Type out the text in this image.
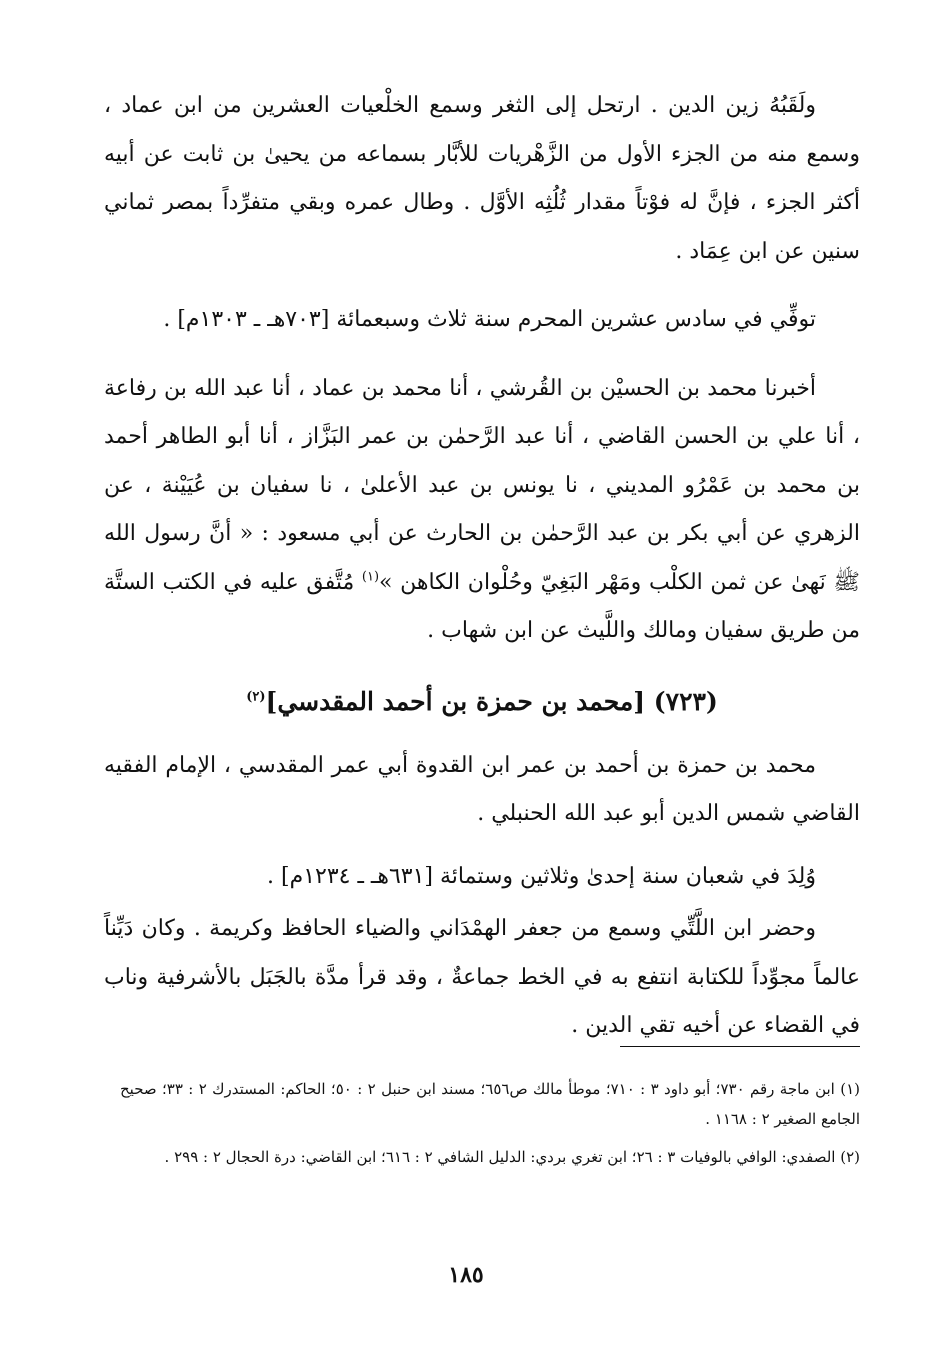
ولَقَبُهُ زين الدين . ارتحل إلى الثغر وسمع الخلْعيات العشرين من ابن عماد ، وسمع منه من الجزء الأول من الزَّهْريات للأبَّار بسماعه من يحيىٰ بن ثابت عن أبيه أكثر الجزء ، فإنَّ له فوْتاً مقدار ثُلُثِه الأوَّل . وطال عمره وبقي متفرِّداً بمصر ثماني سنين عن ابن عِمَاد .

توفِّي في سادس عشرين المحرم سنة ثلاث وسبعمائة [٧٠٣هـ ـ ١٣٠٣م] .

أخبرنا محمد بن الحسيْن بن القُرشي ، أنا محمد بن عماد ، أنا عبد الله بن رفاعة ، أنا علي بن الحسن القاضي ، أنا عبد الرَّحمٰن بن عمر البَزَّاز ، أنا أبو الطاهر أحمد بن محمد بن عَمْرُو المديني ، نا يونس بن عبد الأعلىٰ ، نا سفيان بن عُيَيْنة ، عن الزهري عن أبي بكر بن عبد الرَّحمٰن بن الحارث عن أبي مسعود : « أنَّ رسول الله ﷺ نَهىٰ عن ثمن الكلْب ومَهْر البَغِيّ وحُلْوان الكاهن »$^{(١)}$ مُتَّفق عليه في الكتب الستَّة من طريق سفيان ومالك واللَّيث عن ابن شهاب .

(٧٢٣) [محمد بن حمزة بن أحمد المقدسي]$^{(٢)}$

محمد بن حمزة بن أحمد بن عمر ابن القدوة أبي عمر المقدسي ، الإمام الفقيه القاضي شمس الدين أبو عبد الله الحنبلي .

وُلِدَ في شعبان سنة إحدىٰ وثلاثين وستمائة [٦٣١هـ ـ ١٢٣٤م] .

وحضر ابن اللَّتِّي وسمع من جعفر الهمْدَاني والضياء الحافظ وكريمة . وكان دَيِّناً عالماً مجوِّداً للكتابة انتفع به في الخط جماعةٌ ، وقد قرأ مدَّة بالجَبَل بالأشرفية وناب في القضاء عن أخيه تقي الدين .

(١) ابن ماجة رقم ٧٣٠؛ أبو داود ٣ : ٧١٠؛ موطأ مالك ص٦٥٦؛ مسند ابن حنبل ٢ : ٥٠؛ الحاكم: المستدرك ٢ : ٣٣؛ صحيح الجامع الصغير ٢ : ١١٦٨ .

(٢) الصفدي: الوافي بالوفيات ٣ : ٢٦؛ ابن تغري بردي: الدليل الشافي ٢ : ٦١٦؛ ابن القاضي: درة الحجال ٢ : ٢٩٩ .

١٨٥
